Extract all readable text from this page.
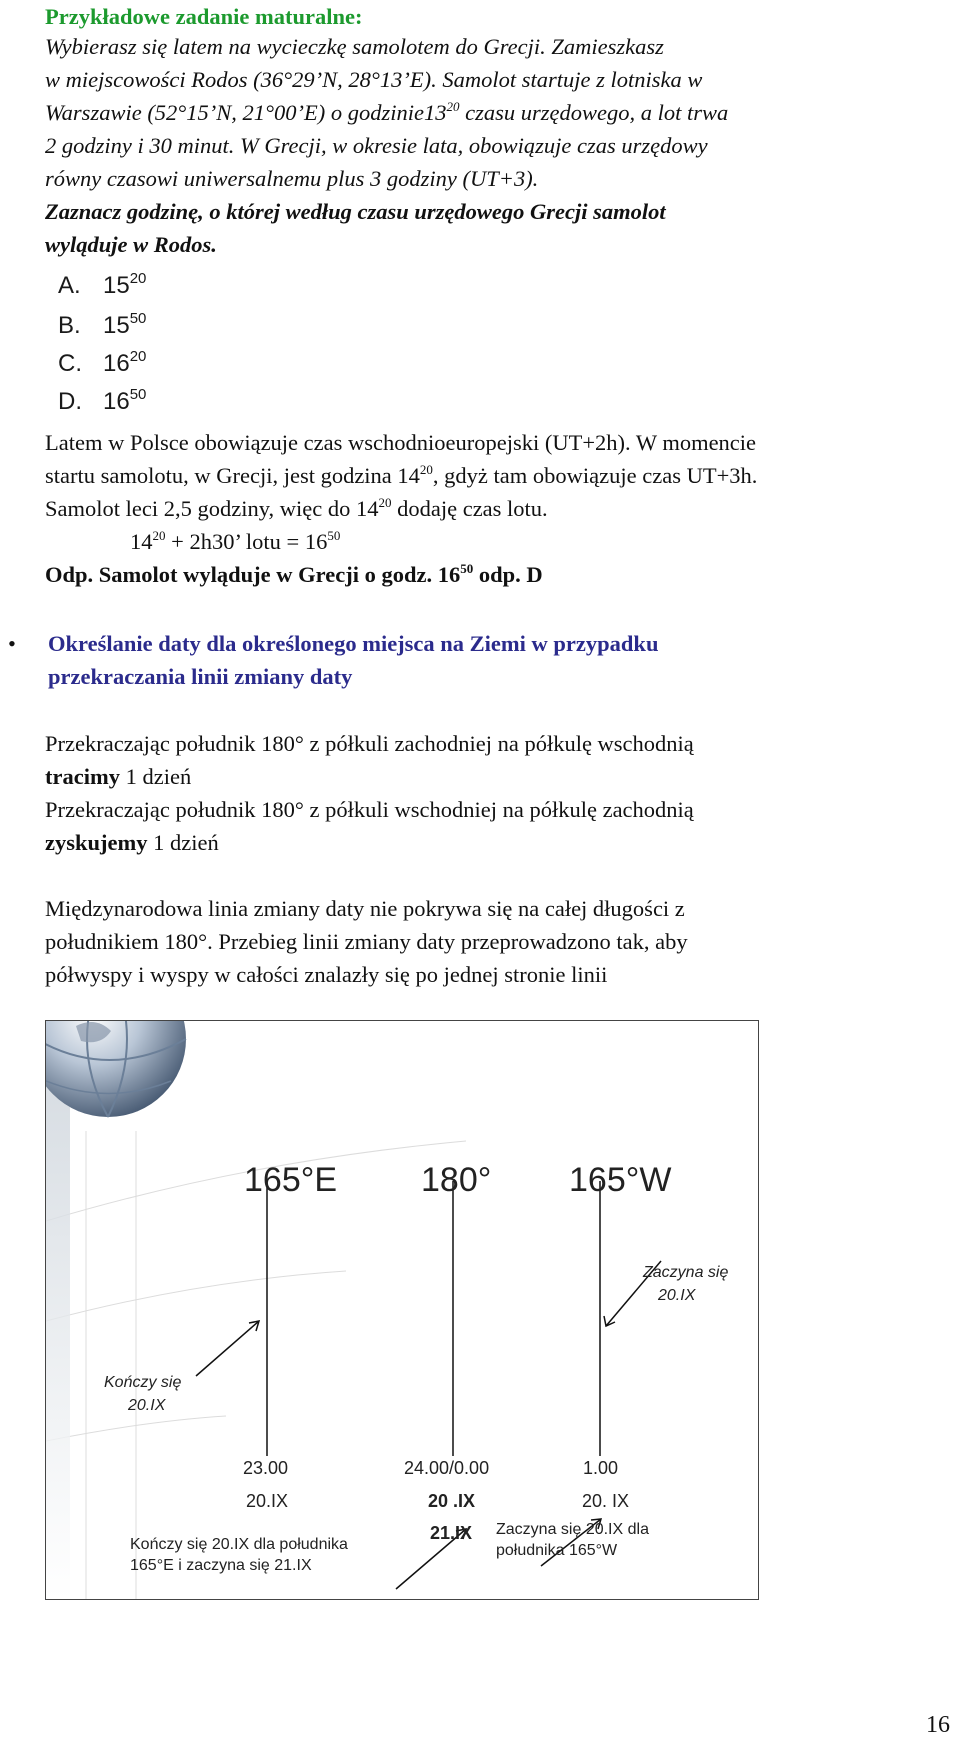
Przykładowe zadanie maturalne:
Wybierasz się latem na wycieczkę samolotem do Grecji. Zamieszkasz
w miejscowości Rodos (36°29’N, 28°13’E). Samolot startuje z lotniska w
Warszawie (52°15’N, 21°00’E) o $godzinie13^{20}$ czasu urzędowego, a lot trwa
2 godziny i 30 minut. W Grecji, w okresie lata, obowiązuje czas urzędowy
równy czasowi uniwersalnemu plus 3 godziny (UT+3).
Zaznacz godzinę, o której według czasu urzędowego Grecji samolot
wyląduje w Rodos.
A. $15^{20}$
B. $15^{50}$
C. $16^{20}$
D. $16^{50}$
Latem w Polsce obowiązuje czas wschodnioeuropejski (UT+2h). W momencie
startu samolotu, w Grecji, jest godzina $14^{20}$, gdyż tam obowiązuje czas UT+3h.
Samolot leci 2,5 godziny, więc do $14^{20}$ dodaję czas lotu.
$14^{20} + 2h30$’ lotu = $16^{50}$
Odp. Samolot wyląduje w Grecji o godz. $16^{50}$ odp. D
• Określanie daty dla określonego miejsca na Ziemi w przypadku
przekraczania linii zmiany daty
Przekraczając południk 180° z półkuli zachodniej na półkulę wschodnią
tracimy 1 dzień
Przekraczając południk 180° z półkuli wschodniej na półkulę zachodnią
zyskujemy 1 dzień
Międzynarodowa linia zmiany daty nie pokrywa się na całej długości z
południkiem 180°. Przebieg linii zmiany daty przeprowadzono tak, aby
półwyspy i wyspy w całości znalazły się po jednej stronie linii
165°E 180° 165°W
Kończy się
20.IX
Zaczyna się
20.IX
23.00	24.00/0.00	1.00
20.IX	20 .IX	20. IX
21.IX
Kończy się 20.IX dla południka
165°E i zaczyna się 21.IX
Zaczyna się 20.IX dla
południka 165°W
16
